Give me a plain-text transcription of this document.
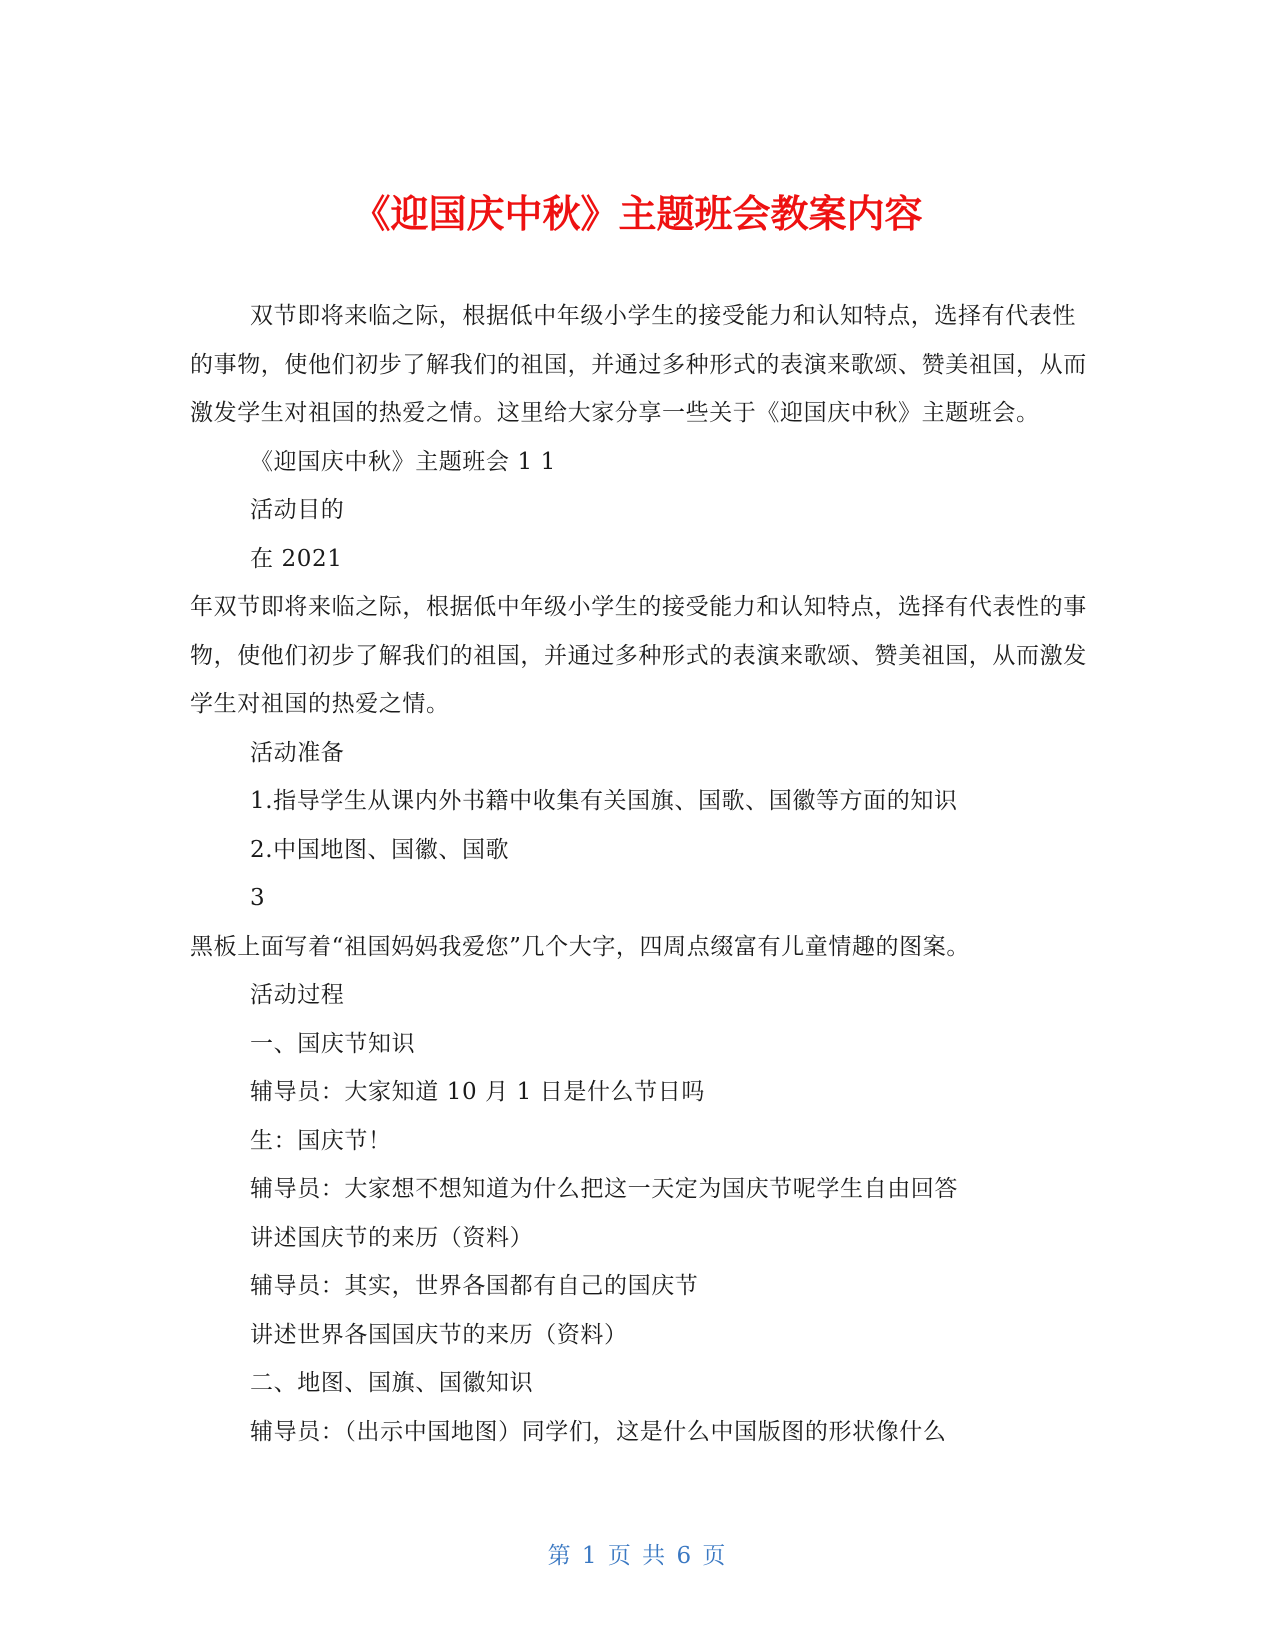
《迎国庆中秋》主题班会教案内容

双节即将来临之际，根据低中年级小学生的接受能力和认知特点，选择有代表性的事物，使他们初步了解我们的祖国，并通过多种形式的表演来歌颂、赞美祖国，从而激发学生对祖国的热爱之情。这里给大家分享一些关于《迎国庆中秋》主题班会。

《迎国庆中秋》主题班会 1 1

活动目的

在 2021

年双节即将来临之际，根据低中年级小学生的接受能力和认知特点，选择有代表性的事物，使他们初步了解我们的祖国，并通过多种形式的表演来歌颂、赞美祖国，从而激发学生对祖国的热爱之情。

活动准备

1.指导学生从课内外书籍中收集有关国旗、国歌、国徽等方面的知识

2.中国地图、国徽、国歌

3

黑板上面写着“祖国妈妈我爱您”几个大字，四周点缀富有儿童情趣的图案。

活动过程

一、国庆节知识

辅导员：大家知道 10 月 1 日是什么节日吗

生：国庆节！

辅导员：大家想不想知道为什么把这一天定为国庆节呢学生自由回答

讲述国庆节的来历（资料）

辅导员：其实，世界各国都有自己的国庆节

讲述世界各国国庆节的来历（资料）

二、地图、国旗、国徽知识

辅导员：（出示中国地图）同学们，这是什么中国版图的形状像什么

第 1 页 共 6 页
